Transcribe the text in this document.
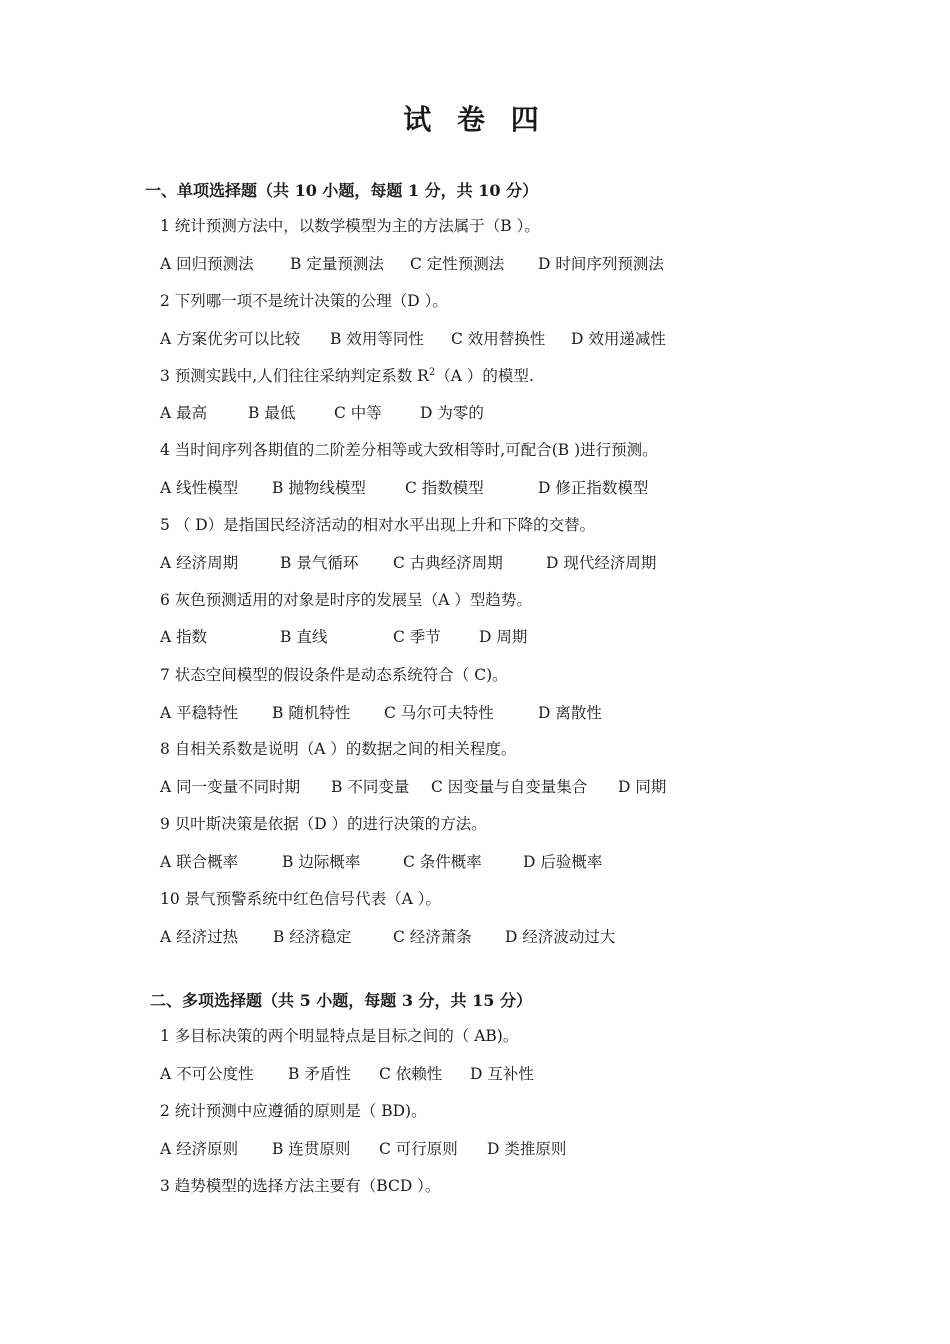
试 卷 四
一、单项选择题（共 10 小题，每题 1 分，共 10 分）
1 统计预测方法中，以数学模型为主的方法属于（B ）。
A 回归预测法 B 定量预测法 C 定性预测法 D 时间序列预测法
2 下列哪一项不是统计决策的公理（D ）。
A 方案优劣可以比较 B 效用等同性 C 效用替换性 D 效用递减性
3 预测实践中,人们往往采纳判定系数 $R^2(A$ ）的模型.
A 最高	B 最低 C 中等 D 为零的
4 当时间序列各期值的二阶差分相等或大致相等时,可配合(B )进行预测。
A 线性模型 B 抛物线模型	C 指数模型	D 修正指数模型
5 （ D）是指国民经济活动的相对水平出现上升和下降的交替。
A 经济周期	B 景气循环 C 古典经济周期	D 现代经济周期
6 灰色预测适用的对象是时序的发展呈（A ）型趋势。
A 指数	B 直线	C 季节 D 周期
7 状态空间模型的假设条件是动态系统符合（ C)。
A 平稳特性 B 随机特性 C 马尔可夫特性	D 离散性
8 自相关系数是说明（A ）的数据之间的相关程度。
A 同一变量不同时期 B 不同变量 C 因变量与自变量集合 D 同期
9 贝叶斯决策是依据（D ）的进行决策的方法。
A 联合概率	B 边际概率	C 条件概率	D 后验概率
10 景气预警系统中红色信号代表（A ）。
A 经济过热 B 经济稳定	C 经济萧条 D 经济波动过大
二、多项选择题（共 5 小题，每题 3 分，共 15 分）
1 多目标决策的两个明显特点是目标之间的（ AB)。
A 不可公度性 B 矛盾性 C 依赖性 D 互补性
2 统计预测中应遵循的原则是（ BD)。
A 经济原则 B 连贯原则 C 可行原则 D 类推原则
3 趋势模型的选择方法主要有（BCD ）。
